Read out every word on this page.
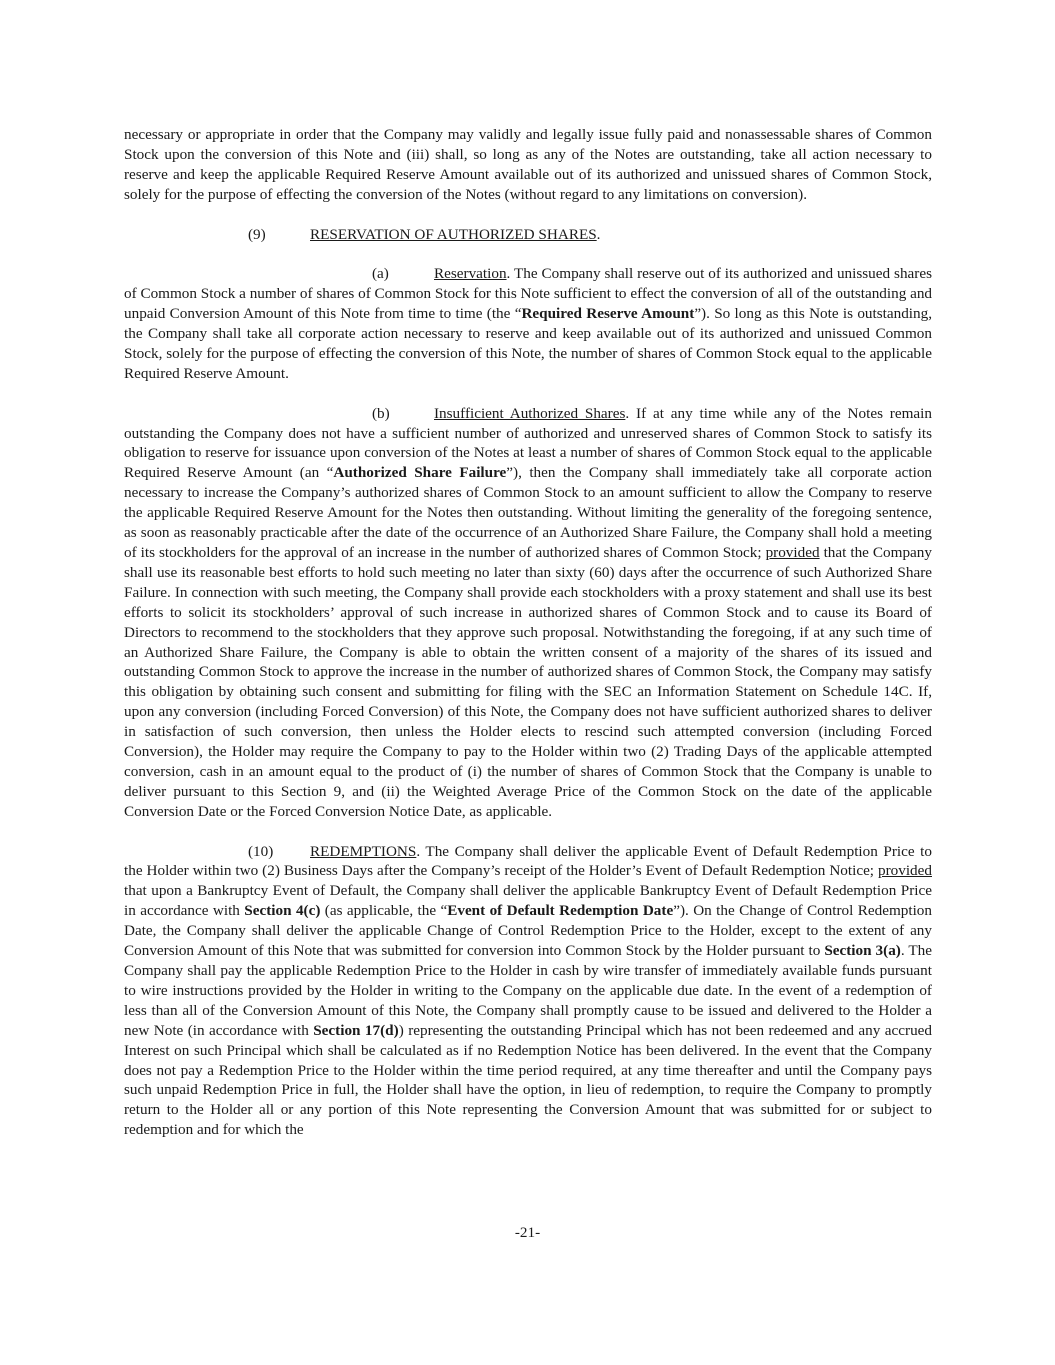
necessary or appropriate in order that the Company may validly and legally issue fully paid and nonassessable shares of Common Stock upon the conversion of this Note and (iii) shall, so long as any of the Notes are outstanding, take all action necessary to reserve and keep the applicable Required Reserve Amount available out of its authorized and unissued shares of Common Stock, solely for the purpose of effecting the conversion of the Notes (without regard to any limitations on conversion).

(9)	RESERVATION OF AUTHORIZED SHARES.

(a)	Reservation. The Company shall reserve out of its authorized and unissued shares of Common Stock a number of shares of Common Stock for this Note sufficient to effect the conversion of all of the outstanding and unpaid Conversion Amount of this Note from time to time (the “Required Reserve Amount”). So long as this Note is outstanding, the Company shall take all corporate action necessary to reserve and keep available out of its authorized and unissued Common Stock, solely for the purpose of effecting the conversion of this Note, the number of shares of Common Stock equal to the applicable Required Reserve Amount.

(b)	Insufficient Authorized Shares. If at any time while any of the Notes remain outstanding the Company does not have a sufficient number of authorized and unreserved shares of Common Stock to satisfy its obligation to reserve for issuance upon conversion of the Notes at least a number of shares of Common Stock equal to the applicable Required Reserve Amount (an “Authorized Share Failure”), then the Company shall immediately take all corporate action necessary to increase the Company’s authorized shares of Common Stock to an amount sufficient to allow the Company to reserve the applicable Required Reserve Amount for the Notes then outstanding. Without limiting the generality of the foregoing sentence, as soon as reasonably practicable after the date of the occurrence of an Authorized Share Failure, the Company shall hold a meeting of its stockholders for the approval of an increase in the number of authorized shares of Common Stock; provided that the Company shall use its reasonable best efforts to hold such meeting no later than sixty (60) days after the occurrence of such Authorized Share Failure. In connection with such meeting, the Company shall provide each stockholders with a proxy statement and shall use its best efforts to solicit its stockholders’ approval of such increase in authorized shares of Common Stock and to cause its Board of Directors to recommend to the stockholders that they approve such proposal. Notwithstanding the foregoing, if at any such time of an Authorized Share Failure, the Company is able to obtain the written consent of a majority of the shares of its issued and outstanding Common Stock to approve the increase in the number of authorized shares of Common Stock, the Company may satisfy this obligation by obtaining such consent and submitting for filing with the SEC an Information Statement on Schedule 14C. If, upon any conversion (including Forced Conversion) of this Note, the Company does not have sufficient authorized shares to deliver in satisfaction of such conversion, then unless the Holder elects to rescind such attempted conversion (including Forced Conversion), the Holder may require the Company to pay to the Holder within two (2) Trading Days of the applicable attempted conversion, cash in an amount equal to the product of (i) the number of shares of Common Stock that the Company is unable to deliver pursuant to this Section 9, and (ii) the Weighted Average Price of the Common Stock on the date of the applicable Conversion Date or the Forced Conversion Notice Date, as applicable.

(10) REDEMPTIONS. The Company shall deliver the applicable Event of Default Redemption Price to the Holder within two (2) Business Days after the Company’s receipt of the Holder’s Event of Default Redemption Notice; provided that upon a Bankruptcy Event of Default, the Company shall deliver the applicable Bankruptcy Event of Default Redemption Price in accordance with Section 4(c) (as applicable, the “Event of Default Redemption Date”). On the Change of Control Redemption Date, the Company shall deliver the applicable Change of Control Redemption Price to the Holder, except to the extent of any Conversion Amount of this Note that was submitted for conversion into Common Stock by the Holder pursuant to Section 3(a). The Company shall pay the applicable Redemption Price to the Holder in cash by wire transfer of immediately available funds pursuant to wire instructions provided by the Holder in writing to the Company on the applicable due date. In the event of a redemption of less than all of the Conversion Amount of this Note, the Company shall promptly cause to be issued and delivered to the Holder a new Note (in accordance with Section 17(d)) representing the outstanding Principal which has not been redeemed and any accrued Interest on such Principal which shall be calculated as if no Redemption Notice has been delivered. In the event that the Company does not pay a Redemption Price to the Holder within the time period required, at any time thereafter and until the Company pays such unpaid Redemption Price in full, the Holder shall have the option, in lieu of redemption, to require the Company to promptly return to the Holder all or any portion of this Note representing the Conversion Amount that was submitted for or subject to redemption and for which the

-21-
